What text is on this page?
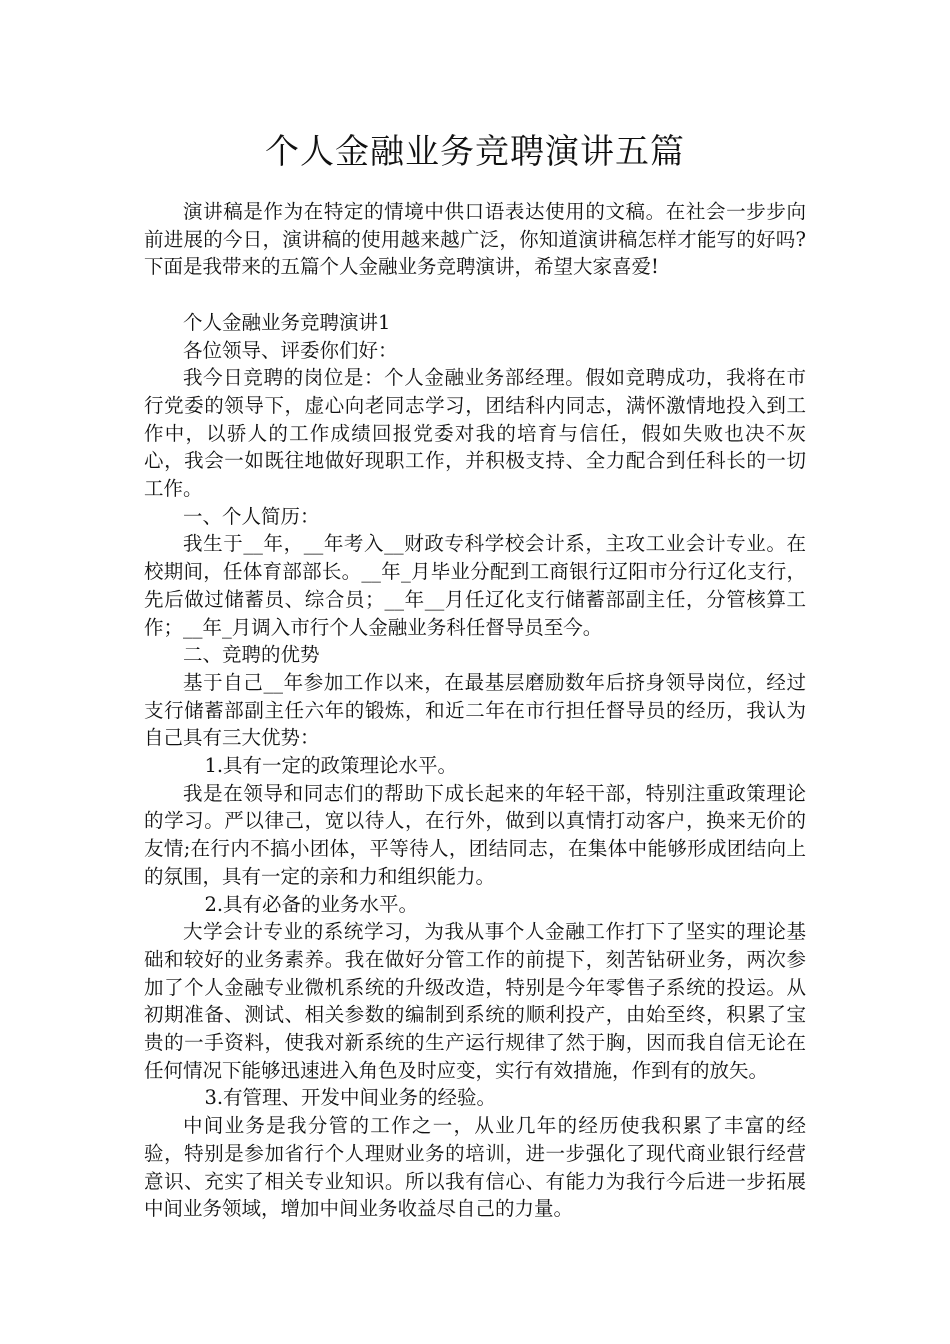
个人金融业务竞聘演讲五篇

演讲稿是作为在特定的情境中供口语表达使用的文稿。在社会一步步向前进展的今日，演讲稿的使用越来越广泛，你知道演讲稿怎样才能写的好吗?下面是我带来的五篇个人金融业务竞聘演讲，希望大家喜爱!

个人金融业务竞聘演讲1

各位领导、评委你们好：

我今日竞聘的岗位是：个人金融业务部经理。假如竞聘成功，我将在市行党委的领导下，虚心向老同志学习，团结科内同志，满怀激情地投入到工作中，以骄人的工作成绩回报党委对我的培育与信任，假如失败也决不灰心，我会一如既往地做好现职工作，并积极支持、全力配合到任科长的一切工作。

一、个人简历：

我生于__年，__年考入__财政专科学校会计系，主攻工业会计专业。在校期间，任体育部部长。__年_月毕业分配到工商银行辽阳市分行辽化支行，先后做过储蓄员、综合员；__年__月任辽化支行储蓄部副主任，分管核算工作；__年_月调入市行个人金融业务科任督导员至今。

二、竞聘的优势

基于自己__年参加工作以来，在最基层磨励数年后挤身领导岗位，经过支行储蓄部副主任六年的锻炼，和近二年在市行担任督导员的经历，我认为自己具有三大优势：

1.具有一定的政策理论水平。

我是在领导和同志们的帮助下成长起来的年轻干部，特别注重政策理论的学习。严以律己，宽以待人，在行外，做到以真情打动客户，换来无价的友情;在行内不搞小团体，平等待人，团结同志，在集体中能够形成团结向上的氛围，具有一定的亲和力和组织能力。

2.具有必备的业务水平。

大学会计专业的系统学习，为我从事个人金融工作打下了坚实的理论基础和较好的业务素养。我在做好分管工作的前提下，刻苦钻研业务，两次参加了个人金融专业微机系统的升级改造，特别是今年零售子系统的投运。从初期准备、测试、相关参数的编制到系统的顺利投产，由始至终，积累了宝贵的一手资料，使我对新系统的生产运行规律了然于胸，因而我自信无论在任何情况下能够迅速进入角色及时应变，实行有效措施，作到有的放矢。

3.有管理、开发中间业务的经验。

中间业务是我分管的工作之一，从业几年的经历使我积累了丰富的经验，特别是参加省行个人理财业务的培训，进一步强化了现代商业银行经营意识、充实了相关专业知识。所以我有信心、有能力为我行今后进一步拓展中间业务领域，增加中间业务收益尽自己的力量。
